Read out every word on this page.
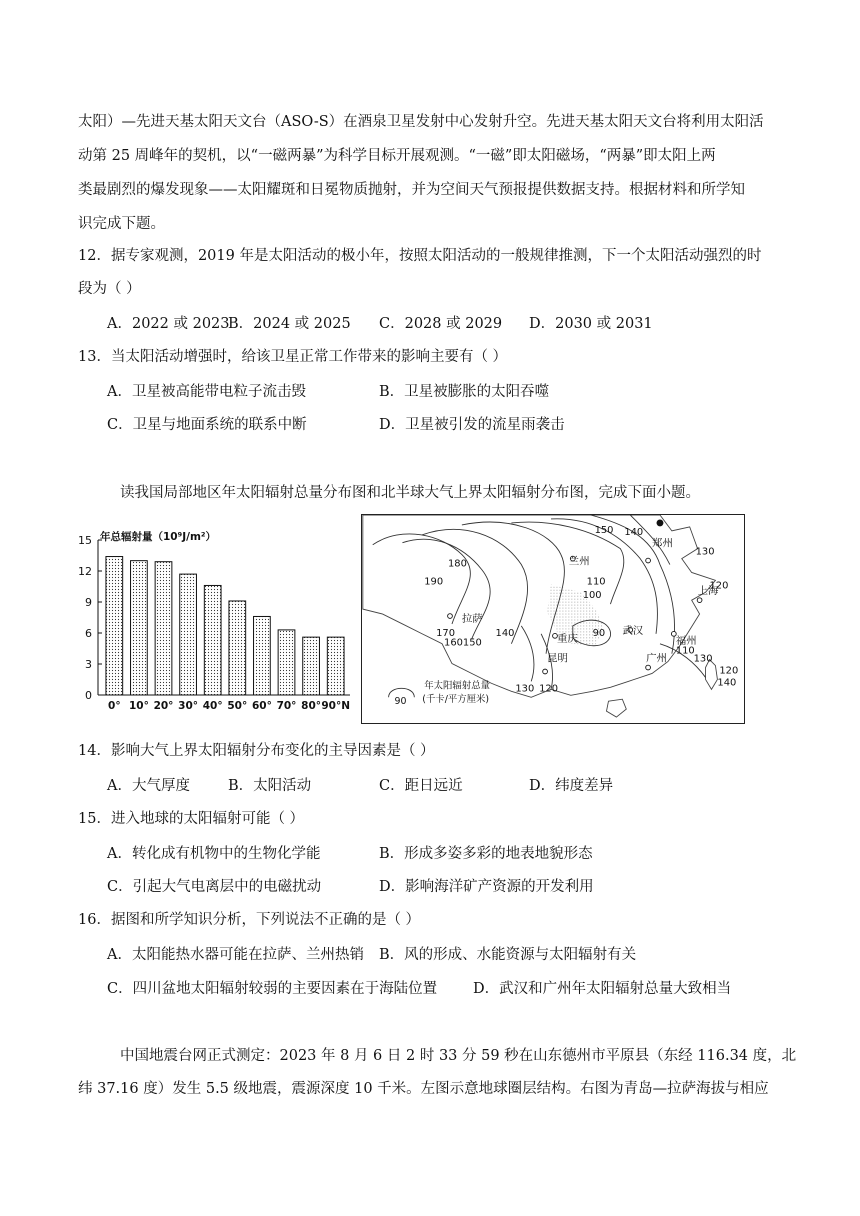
太阳）—先进天基太阳天文台（ASO-S）在酒泉卫星发射中心发射升空。先进天基太阳天文台将利用太阳活
动第 25 周峰年的契机，以“一磁两暴”为科学目标开展观测。“一磁”即太阳磁场，“两暴”即太阳上两
类最剧烈的爆发现象——太阳耀斑和日冕物质抛射，并为空间天气预报提供数据支持。根据材料和所学知
识完成下题。
12．据专家观测，2019 年是太阳活动的极小年，按照太阳活动的一般规律推测，下一个太阳活动强烈的时
段为（ ）
A．2022 或 2023
B．2024 或 2025 C．2028 或 2029 D．2030 或 2031
13．当太阳活动增强时，给该卫星正常工作带来的影响主要有（ ）
A．卫星被高能带电粒子流击毁	B．卫星被膨胀的太阳吞噬
C．卫星与地面系统的联系中断	D．卫星被引发的流星雨袭击
读我国局部地区年太阳辐射总量分布图和北半球大气上界太阳辐射分布图，完成下面小题。
年总辐射量（10⁹J/m²）
0
3
6
9
12
15
0° 10° 20° 30° 40° 50° 60° 70° 80° 90°N
150 140
130
120
190
180
110
100
170
160150
140	90
110
130
120
140
130 120
兰州
郑州
拉萨
武汉
上海
重庆	福州
昆明	广州
90
年太阳辐射总量
(千卡/平方厘米)
14．影响大气上界太阳辐射分布变化的主导因素是（ ）
A．大气厚度	B．太阳活动	C．距日远近	D．纬度差异
15．进入地球的太阳辐射可能（ ）
A．转化成有机物中的生物化学能	B．形成多姿多彩的地表地貌形态
C．引起大气电离层中的电磁扰动	D．影响海洋矿产资源的开发利用
16．据图和所学知识分析，下列说法不正确的是（ ）
A．太阳能热水器可能在拉萨、兰州热销 B．风的形成、水能资源与太阳辐射有关
C．四川盆地太阳辐射较弱的主要因素在于海陆位置 D．武汉和广州年太阳辐射总量大致相当
中国地震台网正式测定：2023 年 8 月 6 日 2 时 33 分 59 秒在山东德州市平原县（东经 116.34 度，北
纬 37.16 度）发生 5.5 级地震，震源深度 10 千米。左图示意地球圈层结构。右图为青岛—拉萨海拔与相应
